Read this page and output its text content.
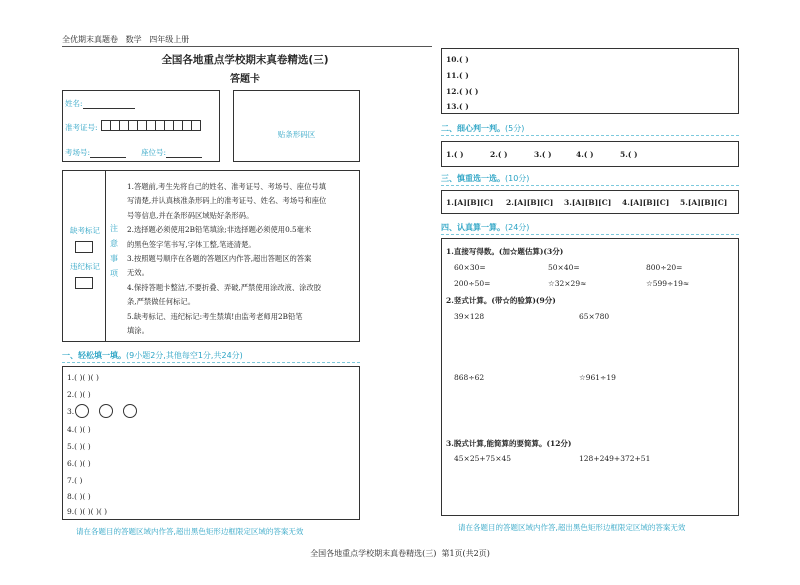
全优期末真题卷 数学 四年级上册
全国各地重点学校期末真卷精选(三)
答题卡
姓名:
准考证号:
考场号:	座位号:
贴条形码区
缺考标记
违纪标记
注
意
事
项
1.答题前,考生先将自己的姓名、准考证号、考场号、座位号填
写清楚,并认真核准条形码上的准考证号、姓名、考场号和座位
号等信息,并在条形码区域贴好条形码。
2.选择题必须使用2B铅笔填涂;非选择题必须使用0.5毫米
的黑色签字笔书写,字体工整,笔迹清楚。
3.按照题号顺序在各题的答题区内作答,超出答题区的答案
无效。
4.保持答题卡整洁,不要折叠、弄破,严禁使用涂改液、涂改胶
条,严禁做任何标记。
5.缺考标记、违纪标记:考生禁填!由监考老师用2B铅笔
填涂。
一、轻松填一填。(9小题2分,其他每空1分,共24分)
1.( )( )( )
2.( )( )
3.
4.( )( )
5.( )( )
6.( )( )
7.( )
8.( )( )
9.( )( )( )( )
请在各题目的答题区域内作答,超出黑色矩形边框限定区域的答案无效
10.( )
11.( )
12.( )( )
13.( )
二、细心判一判。(5分)
1.( )	2.( )	3.( )	4.( )	5.( )
三、慎重选一选。(10分)
1.[A][B][C] 2.[A][B][C] 3.[A][B][C] 4.[A][B][C] 5.[A][B][C]
四、认真算一算。(24分)
1.直接写得数。(加☆题估算)(3分)
60×30=	50×40=	800÷20=
200÷50=	☆32×29≈	☆599÷19≈
2.竖式计算。(带☆的验算)(9分)
39×128	65×780
868÷62	☆961÷19
3.脱式计算,能简算的要简算。(12分)
45×25+75×45	128+249+372+51
请在各题目的答题区域内作答,超出黑色矩形边框限定区域的答案无效
全国各地重点学校期末真卷精选(三)  第1页(共2页)
